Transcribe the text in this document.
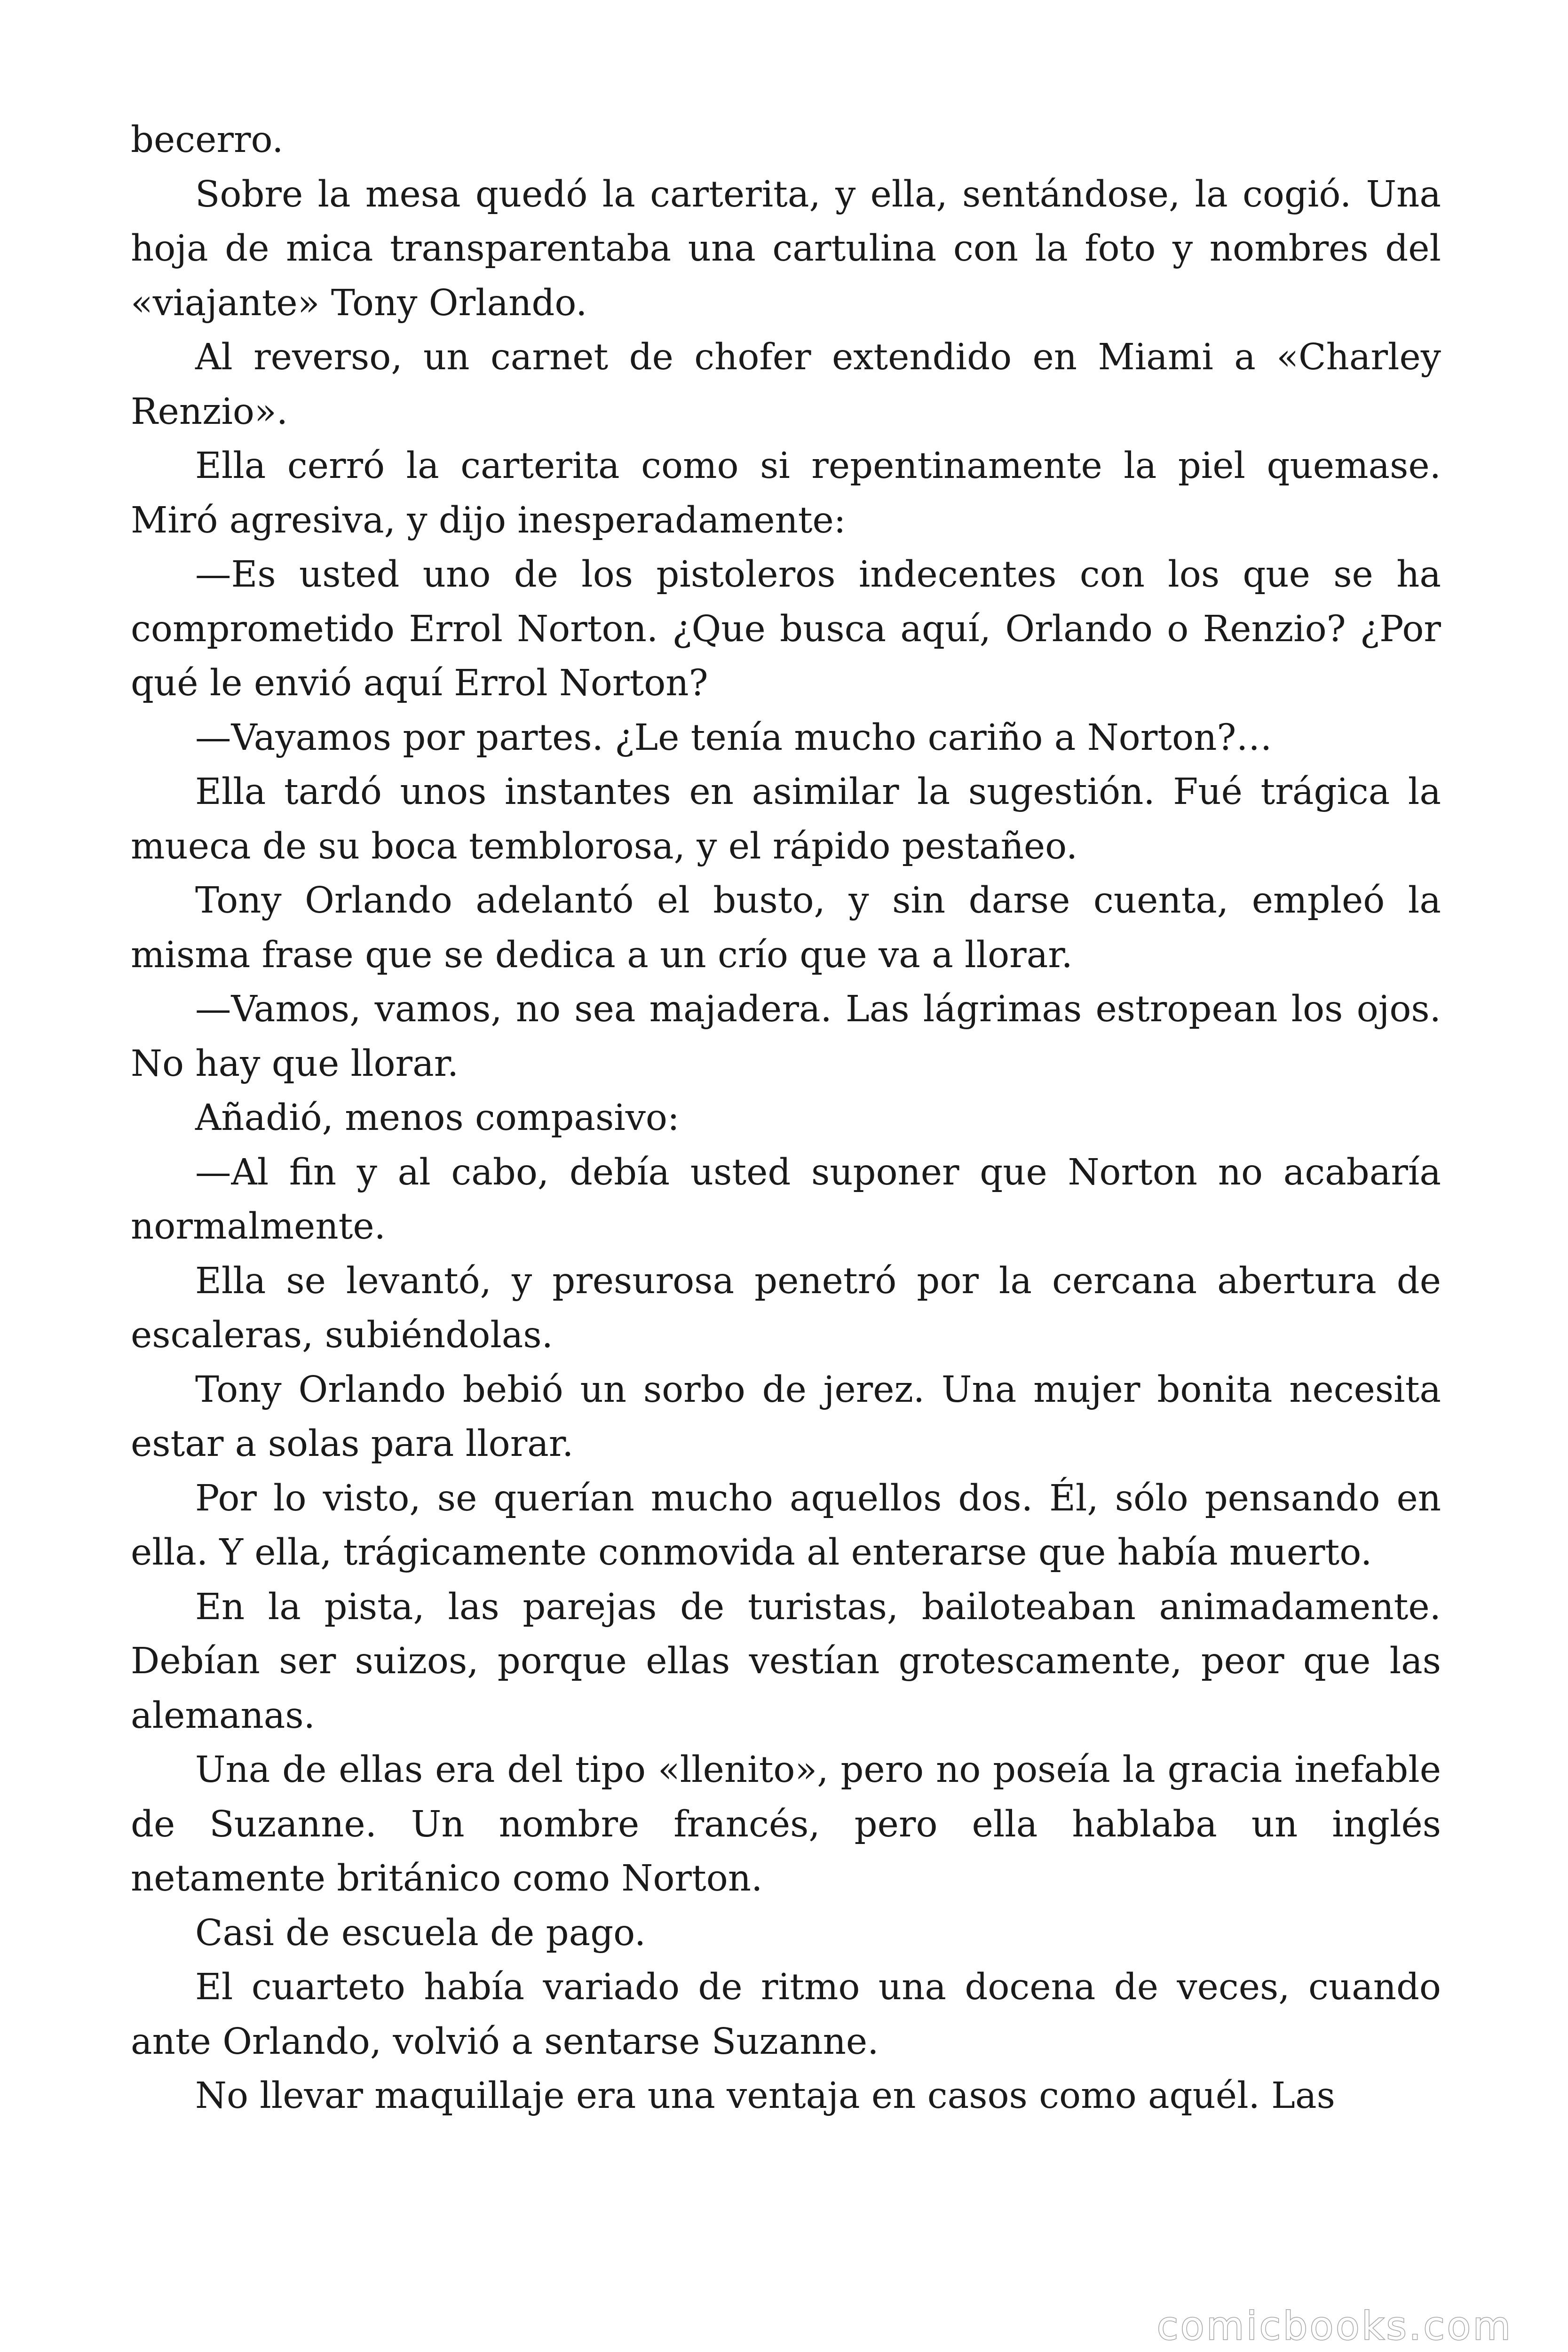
becerro.

Sobre la mesa quedó la carterita, y ella, sentándose, la cogió. Una hoja de mica transparentaba una cartulina con la foto y nombres del «viajante» Tony Orlando.

Al reverso, un carnet de chofer extendido en Miami a «Charley Renzio».

Ella cerró la carterita como si repentinamente la piel quemase. Miró agresiva, y dijo inesperadamente:

—Es usted uno de los pistoleros indecentes con los que se ha comprometido Errol Norton. ¿Que busca aquí, Orlando o Renzio? ¿Por qué le envió aquí Errol Norton?

—Vayamos por partes. ¿Le tenía mucho cariño a Norton?…

Ella tardó unos instantes en asimilar la sugestión. Fué trágica la mueca de su boca temblorosa, y el rápido pestañeo.

Tony Orlando adelantó el busto, y sin darse cuenta, empleó la misma frase que se dedica a un crío que va a llorar.

—Vamos, vamos, no sea majadera. Las lágrimas estropean los ojos. No hay que llorar.

Añadió, menos compasivo:

—Al fin y al cabo, debía usted suponer que Norton no acabaría normalmente.

Ella se levantó, y presurosa penetró por la cercana abertura de escaleras, subiéndolas.

Tony Orlando bebió un sorbo de jerez. Una mujer bonita necesita estar a solas para llorar.

Por lo visto, se querían mucho aquellos dos. Él, sólo pensando en ella. Y ella, trágicamente conmovida al enterarse que había muerto.

En la pista, las parejas de turistas, bailoteaban animadamente. Debían ser suizos, porque ellas vestían grotescamente, peor que las alemanas.

Una de ellas era del tipo «llenito», pero no poseía la gracia inefable de Suzanne. Un nombre francés, pero ella hablaba un inglés netamente británico como Norton.

Casi de escuela de pago.

El cuarteto había variado de ritmo una docena de veces, cuando ante Orlando, volvió a sentarse Suzanne.

No llevar maquillaje era una ventaja en casos como aquél. Las

comicbooks.com
